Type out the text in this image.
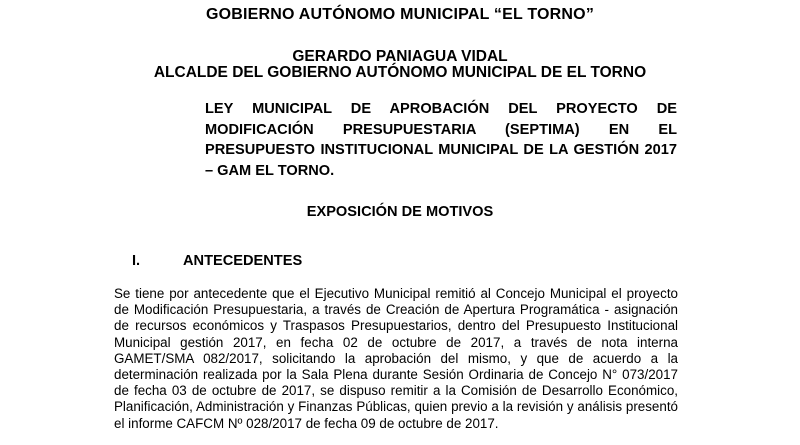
GOBIERNO AUTÓNOMO MUNICIPAL “EL TORNO”
GERARDO PANIAGUA VIDAL
ALCALDE DEL GOBIERNO AUTÓNOMO MUNICIPAL DE EL TORNO
LEY MUNICIPAL DE APROBACIÓN DEL PROYECTO DE MODIFICACIÓN PRESUPUESTARIA (SEPTIMA) EN EL PRESUPUESTO INSTITUCIONAL MUNICIPAL DE LA GESTIÓN 2017 – GAM EL TORNO.
EXPOSICIÓN DE MOTIVOS
I.	ANTECEDENTES
Se tiene por antecedente que el Ejecutivo Municipal remitió al Concejo Municipal el proyecto de Modificación Presupuestaria, a través de Creación de Apertura Programática - asignación de recursos económicos y Traspasos Presupuestarios, dentro del Presupuesto Institucional Municipal gestión 2017, en fecha 02 de octubre de 2017, a través de nota interna GAMET/SMA 082/2017, solicitando la aprobación del mismo, y que de acuerdo a la determinación realizada por la Sala Plena durante Sesión Ordinaria de Concejo N° 073/2017 de fecha 03 de octubre de 2017, se dispuso remitir a la Comisión de Desarrollo Económico, Planificación, Administración y Finanzas Públicas, quien previo a la revisión y análisis presentó el informe CAFCM Nº 028/2017 de fecha 09 de octubre de 2017.
